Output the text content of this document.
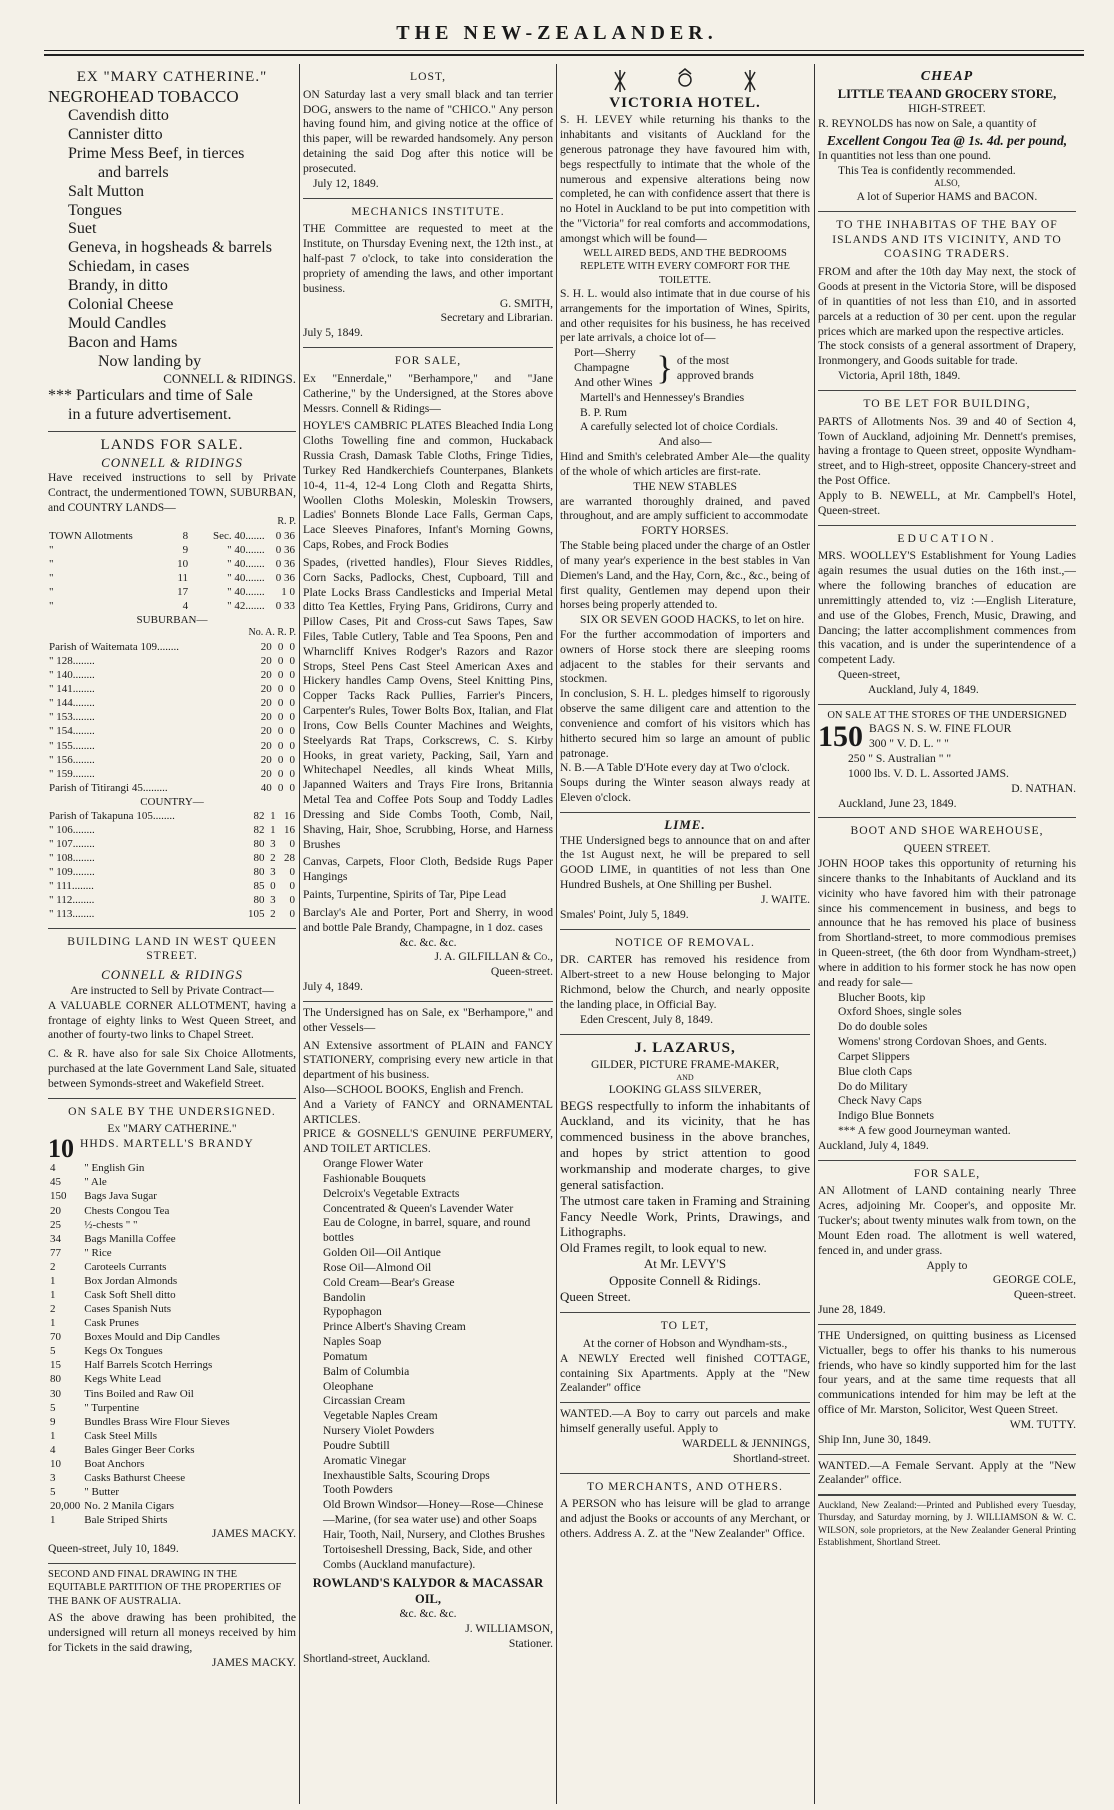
THE NEW-ZEALANDER.
EX "MARY CATHERINE."
NEGROHEAD TOBACCO
Cavendish ditto
Cannister ditto
Prime Mess Beef, in tierces
and barrels
Salt Mutton
Tongues
Suet
Geneva, in hogsheads & barrels
Schiedam, in cases
Brandy, in ditto
Colonial Cheese
Mould Candles
Bacon and Hams
Now landing by
CONNELL & RIDINGS.
*** Particulars and time of Sale
in a future advertisement.
LANDS FOR SALE.
CONNELL & RIDINGS

Have received instructions to sell by Private Contract, the undermentioned TOWN, SUBURBAN, and COUNTRY LANDS—

R. P.
TOWN Allotments	8	Sec. 40.......	0 36
"	9	" 40.......	0 36
"	10	" 40.......	0 36
"	11	" 40.......	0 36
"	17	" 40.......	1 0
"	4	" 42.......	0 33
SUBURBAN—
No. A. R. P.
Parish of Waitemata 109........	20	0	0
" 128........	20	0	0
" 140........	20	0	0
" 141........	20	0	0
" 144........	20	0	0
" 153........	20	0	0
" 154........	20	0	0
" 155........	20	0	0
" 156........	20	0	0
" 159........	20	0	0
Parish of Titirangi 45.........	40	0	0
COUNTRY—
Parish of Takapuna 105........	82	1	16
" 106........	82	1	16
" 107........	80	3	0
" 108........	80	2	28
" 109........	80	3	0
" 111........	85	0	0
" 112........	80	3	0
" 113........	105	2	0
BUILDING LAND IN WEST QUEEN STREET.
CONNELL & RIDINGS
Are instructed to Sell by Private Contract—

A VALUABLE CORNER ALLOTMENT, having a frontage of eighty links to West Queen Street, and another of fourty-two links to Chapel Street.

C. & R. have also for sale Six Choice Allotments, purchased at the late Government Land Sale, situated between Symonds-street and Wakefield Street.

ON SALE BY THE UNDERSIGNED.
Ex "MARY CATHERINE."
10 HHDS. MARTELL'S BRANDY
4	" English Gin
45	" Ale
150	Bags Java Sugar
20	Chests Congou Tea
25	½-chests " "
34	Bags Manilla Coffee
77	" Rice
2	Caroteels Currants
1	Box Jordan Almonds
1	Cask Soft Shell ditto
2	Cases Spanish Nuts
1	Cask Prunes
70	Boxes Mould and Dip Candles
5	Kegs Ox Tongues
15	Half Barrels Scotch Herrings
80	Kegs White Lead
30	Tins Boiled and Raw Oil
5	" Turpentine
9	Bundles Brass Wire Flour Sieves
1	Cask Steel Mills
4	Bales Ginger Beer Corks
10	Boat Anchors
3	Casks Bathurst Cheese
5	" Butter
20,000	No. 2 Manila Cigars
1	Bale Striped Shirts
JAMES MACKY.
Queen-street, July 10, 1849.
SECOND AND FINAL DRAWING IN THE EQUITABLE PARTITION OF THE PROPERTIES OF THE BANK OF AUSTRALIA.

AS the above drawing has been prohibited, the undersigned will return all moneys received by him for Tickets in the said drawing,

JAMES MACKY.
LOST,

ON Saturday last a very small black and tan terrier DOG, answers to the name of "CHICO." Any person having found him, and giving notice at the office of this paper, will be rewarded handsomely. Any person detaining the said Dog after this notice will be prosecuted.

July 12, 1849.
MECHANICS INSTITUTE.

THE Committee are requested to meet at the Institute, on Thursday Evening next, the 12th inst., at half-past 7 o'clock, to take into consideration the propriety of amending the laws, and other important business.

G. SMITH,
Secretary and Librarian.
July 5, 1849.
FOR SALE,

Ex "Ennerdale," "Berhampore," and "Jane Catherine," by the Undersigned, at the Stores above Messrs. Connell & Ridings—

HOYLE'S CAMBRIC PLATES Bleached India Long Cloths Towelling fine and common, Huckaback Russia Crash, Damask Table Cloths, Fringe Tidies, Turkey Red Handkerchiefs Counterpanes, Blankets 10-4, 11-4, 12-4 Long Cloth and Regatta Shirts, Woollen Cloths Moleskin, Moleskin Trowsers, Ladies' Bonnets Blonde Lace Falls, German Caps, Lace Sleeves Pinafores, Infant's Morning Gowns, Caps, Robes, and Frock Bodies

Spades, (rivetted handles), Flour Sieves Riddles, Corn Sacks, Padlocks, Chest, Cupboard, Till and Plate Locks Brass Candlesticks and Imperial Metal ditto Tea Kettles, Frying Pans, Gridirons, Curry and Pillow Cases, Pit and Cross-cut Saws Tapes, Saw Files, Table Cutlery, Table and Tea Spoons, Pen and Wharncliff Knives Rodger's Razors and Razor Strops, Steel Pens Cast Steel American Axes and Hickery handles Camp Ovens, Steel Knitting Pins, Copper Tacks Rack Pullies, Farrier's Pincers, Carpenter's Rules, Tower Bolts Box, Italian, and Flat Irons, Cow Bells Counter Machines and Weights, Steelyards Rat Traps, Corkscrews, C. S. Kirby Hooks, in great variety, Packing, Sail, Yarn and Whitechapel Needles, all kinds Wheat Mills, Japanned Waiters and Trays Fire Irons, Britannia Metal Tea and Coffee Pots Soup and Toddy Ladles Dressing and Side Combs Tooth, Comb, Nail, Shaving, Hair, Shoe, Scrubbing, Horse, and Harness Brushes

Canvas, Carpets, Floor Cloth, Bedside Rugs Paper Hangings

Paints, Turpentine, Spirits of Tar, Pipe Lead

Barclay's Ale and Porter, Port and Sherry, in wood and bottle Pale Brandy, Champagne, in 1 doz. cases

&c. &c. &c.
J. A. GILFILLAN & Co.,
Queen-street.
July 4, 1849.

The Undersigned has on Sale, ex "Berhampore," and other Vessels—

AN Extensive assortment of PLAIN and FANCY STATIONERY, comprising every new article in that department of his business.

Also—SCHOOL BOOKS, English and French.

And a Variety of FANCY and ORNAMENTAL ARTICLES.

PRICE & GOSNELL'S GENUINE PERFUMERY, AND TOILET ARTICLES.

Orange Flower Water
Fashionable Bouquets
Delcroix's Vegetable Extracts
Concentrated & Queen's Lavender Water
Eau de Cologne, in barrel, square, and round bottles
Golden Oil—Oil Antique
Rose Oil—Almond Oil
Cold Cream—Bear's Grease
Bandolin
Rypophagon
Prince Albert's Shaving Cream
Naples Soap
Pomatum
Balm of Columbia
Oleophane
Circassian Cream
Vegetable Naples Cream
Nursery Violet Powders
Poudre Subtill
Aromatic Vinegar
Inexhaustible Salts, Scouring Drops
Tooth Powders
Old Brown Windsor—Honey—Rose—Chinese—Marine, (for sea water use) and other Soaps
Hair, Tooth, Nail, Nursery, and Clothes Brushes
Tortoiseshell Dressing, Back, Side, and other Combs (Auckland manufacture).
ROWLAND'S KALYDOR & MACASSAR OIL,
&c. &c. &c.
J. WILLIAMSON,
Stationer.
Shortland-street, Auckland.
VICTORIA HOTEL.

S. H. LEVEY while returning his thanks to the inhabitants and visitants of Auckland for the generous patronage they have favoured him with, begs respectfully to intimate that the whole of the numerous and expensive alterations being now completed, he can with confidence assert that there is no Hotel in Auckland to be put into competition with the "Victoria" for real comforts and accommodations, amongst which will be found—

WELL AIRED BEDS, AND THE BEDROOMS REPLETE WITH EVERY COMFORT FOR THE TOILETTE.

S. H. L. would also intimate that in due course of his arrangements for the importation of Wines, Spirits, and other requisites for his business, he has received per late arrivals, a choice lot of—

Port—Sherry
Champagne
And other Wines } of the most approved brands
Martell's and Hennessey's Brandies
B. P. Rum
A carefully selected lot of choice Cordials.
And also—

Hind and Smith's celebrated Amber Ale—the quality of the whole of which articles are first-rate.

THE NEW STABLES

are warranted thoroughly drained, and paved throughout, and are amply sufficient to accommodate

FORTY HORSES.

The Stable being placed under the charge of an Ostler of many year's experience in the best stables in Van Diemen's Land, and the Hay, Corn, &c., &c., being of first quality, Gentlemen may depend upon their horses being properly attended to.

SIX OR SEVEN GOOD HACKS, to let on hire.

For the further accommodation of importers and owners of Horse stock there are sleeping rooms adjacent to the stables for their servants and stockmen.

In conclusion, S. H. L. pledges himself to rigorously observe the same diligent care and attention to the convenience and comfort of his visitors which has hitherto secured him so large an amount of public patronage.

N. B.—A Table D'Hote every day at Two o'clock.

Soups during the Winter season always ready at Eleven o'clock.

LIME.

THE Undersigned begs to announce that on and after the 1st August next, he will be prepared to sell GOOD LIME, in quantities of not less than One Hundred Bushels, at One Shilling per Bushel.

J. WAITE.
Smales' Point, July 5, 1849.
NOTICE OF REMOVAL.

DR. CARTER has removed his residence from Albert-street to a new House belonging to Major Richmond, below the Church, and nearly opposite the landing place, in Official Bay.

Eden Crescent, July 8, 1849.
J. LAZARUS,
GILDER, PICTURE FRAME-MAKER,
AND
LOOKING GLASS SILVERER,

BEGS respectfully to inform the inhabitants of Auckland, and its vicinity, that he has commenced business in the above branches, and hopes by strict attention to good workmanship and moderate charges, to give general satisfaction.

The utmost care taken in Framing and Straining Fancy Needle Work, Prints, Drawings, and Lithographs.

Old Frames regilt, to look equal to new.

At Mr. LEVY'S
Opposite Connell & Ridings.
Queen Street.
TO LET,
At the corner of Hobson and Wyndham-sts.,

A NEWLY Erected well finished COTTAGE, containing Six Apartments. Apply at the "New Zealander" office

WANTED.—A Boy to carry out parcels and make himself generally useful. Apply to

WARDELL & JENNINGS,
Shortland-street.
TO MERCHANTS, AND OTHERS.

A PERSON who has leisure will be glad to arrange and adjust the Books or accounts of any Merchant, or others. Address A. Z. at the "New Zealander" Office.

CHEAP
LITTLE TEA AND GROCERY STORE,
HIGH-STREET.

R. REYNOLDS has now on Sale, a quantity of

Excellent Congou Tea @ 1s. 4d. per pound,
In quantities not less than one pound.
This Tea is confidently recommended.
ALSO,
A lot of Superior HAMS and BACON.
TO THE INHABITAS OF THE BAY OF ISLANDS AND ITS VICINITY, AND TO COASING TRADERS.

FROM and after the 10th day May next, the stock of Goods at present in the Victoria Store, will be disposed of in quantities of not less than £10, and in assorted parcels at a reduction of 30 per cent. upon the regular prices which are marked upon the respective articles.

The stock consists of a general assortment of Drapery, Ironmongery, and Goods suitable for trade.

Victoria, April 18th, 1849.
TO BE LET FOR BUILDING,

PARTS of Allotments Nos. 39 and 40 of Section 4, Town of Auckland, adjoining Mr. Dennett's premises, having a frontage to Queen street, opposite Wyndham-street, and to High-street, opposite Chancery-street and the Post Office.

Apply to B. NEWELL, at Mr. Campbell's Hotel, Queen-street.

EDUCATION.

MRS. WOOLLEY'S Establishment for Young Ladies again resumes the usual duties on the 16th inst.,—where the following branches of education are unremittingly attended to, viz :—English Literature, and use of the Globes, French, Music, Drawing, and Dancing; the latter accomplishment commences from this vacation, and is under the superintendence of a competent Lady.

Queen-street,
Auckland, July 4, 1849.
ON SALE AT THE STORES OF THE UNDERSIGNED
150 BAGS N. S. W. FINE FLOUR
300 " V. D. L. " "
250 " S. Australian " "
1000 lbs. V. D. L. Assorted JAMS.
D. NATHAN.
Auckland, June 23, 1849.
BOOT AND SHOE WAREHOUSE,
QUEEN STREET.

JOHN HOOP takes this opportunity of returning his sincere thanks to the Inhabitants of Auckland and its vicinity who have favored him with their patronage since his commencement in business, and begs to announce that he has removed his place of business from Shortland-street, to more commodious premises in Queen-street, (the 6th door from Wyndham-street,) where in addition to his former stock he has now open and ready for sale—

Blucher Boots, kip
Oxford Shoes, single soles
Do do double soles
Womens' strong Cordovan Shoes, and Gents. Carpet Slippers
Blue cloth Caps
Do do Military
Check Navy Caps
Indigo Blue Bonnets
*** A few good Journeyman wanted.
Auckland, July 4, 1849.
FOR SALE,

AN Allotment of LAND containing nearly Three Acres, adjoining Mr. Cooper's, and opposite Mr. Tucker's; about twenty minutes walk from town, on the Mount Eden road. The allotment is well watered, fenced in, and under grass.

Apply to
GEORGE COLE,
Queen-street.
June 28, 1849.

THE Undersigned, on quitting business as Licensed Victualler, begs to offer his thanks to his numerous friends, who have so kindly supported him for the last four years, and at the same time requests that all communications intended for him may be left at the office of Mr. Marston, Solicitor, West Queen Street.

WM. TUTTY.
Ship Inn, June 30, 1849.

WANTED.—A Female Servant. Apply at the "New Zealander" office.

Auckland, New Zealand:—Printed and Published every Tuesday, Thursday, and Saturday morning, by J. WILLIAMSON & W. C. WILSON, sole proprietors, at the New Zealander General Printing Establishment, Shortland Street.
